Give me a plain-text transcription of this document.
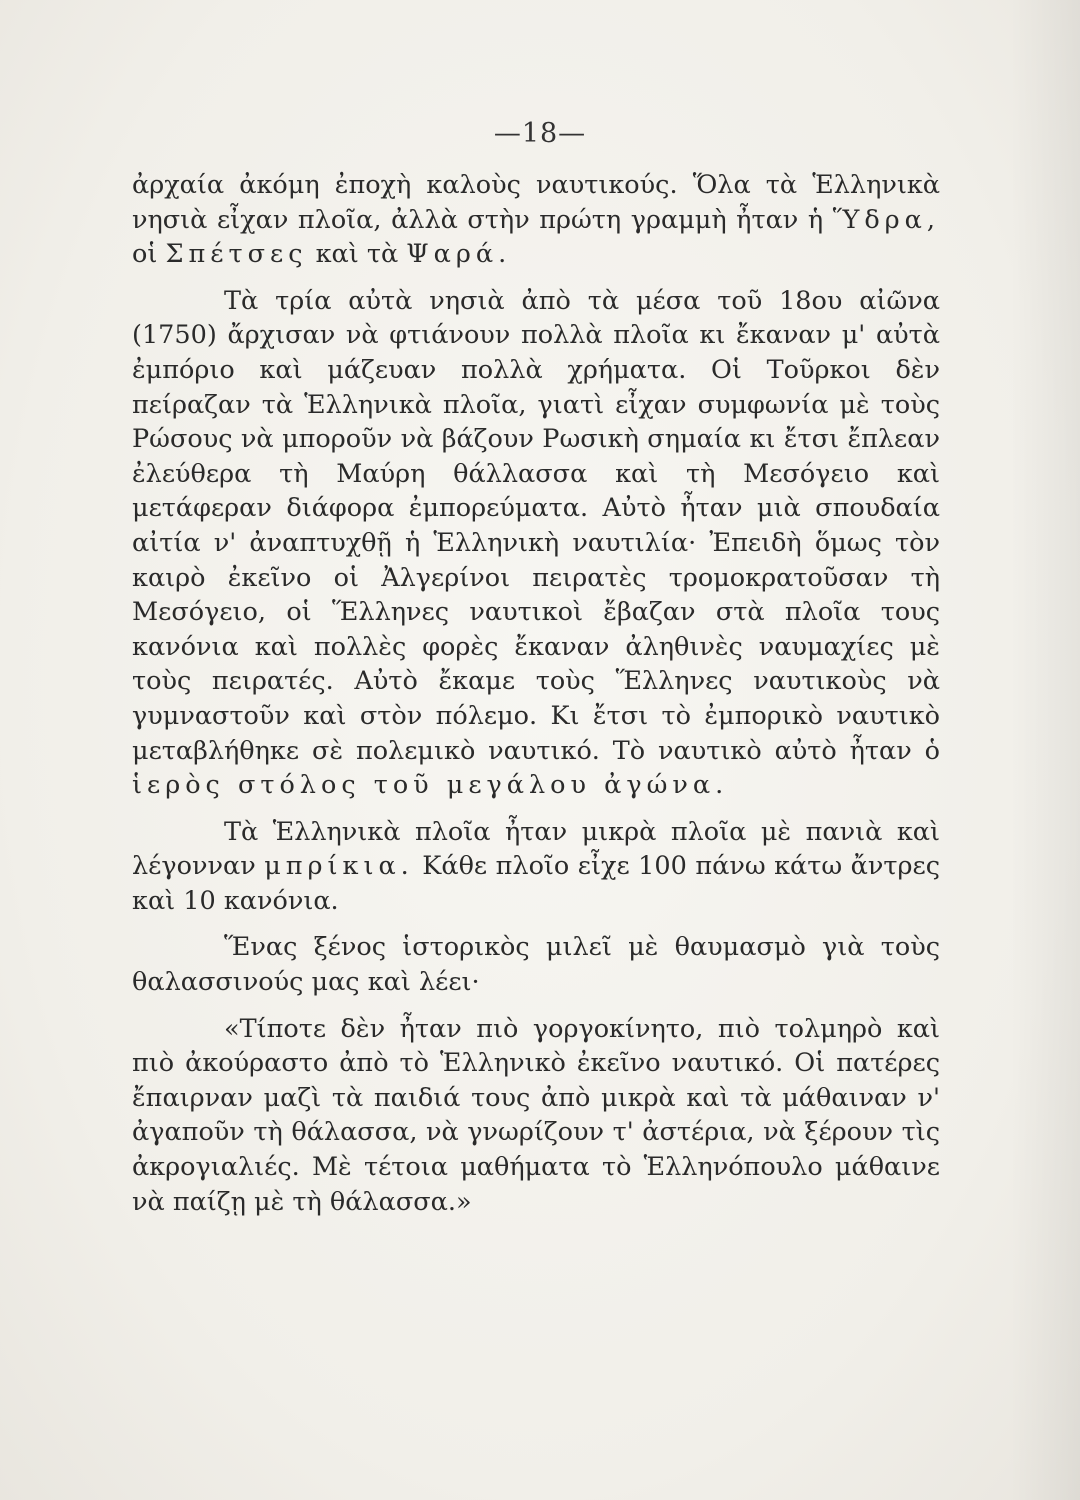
—18—

ἀρχαία ἀκόμη ἐποχὴ καλοὺς ναυτικούς. Ὅλα τὰ Ἑλληνικὰ νησιὰ εἶχαν πλοῖα, ἀλλὰ στὴν πρώτη γραμμὴ ἦταν ἡ Ὕδρα, οἱ Σπέτσες καὶ τὰ Ψαρά.

Τὰ τρία αὐτὰ νησιὰ ἀπὸ τὰ μέσα τοῦ 18ου αἰῶνα (1750) ἄρχισαν νὰ φτιάνουν πολλὰ πλοῖα κι ἔκαναν μ' αὐτὰ ἐμπόριο καὶ μάζευαν πολλὰ χρήματα. Οἱ Τοῦρκοι δὲν πείραζαν τὰ Ἑλληνικὰ πλοῖα, γιατὶ εἶχαν συμφωνία μὲ τοὺς Ρώσους νὰ μποροῦν νὰ βάζουν Ρωσικὴ σημαία κι ἔτσι ἔπλεαν ἐλεύθερα τὴ Μαύρη θάλλασσα καὶ τὴ Μεσόγειο καὶ μετάφεραν διάφορα ἐμπορεύματα. Αὐτὸ ἦταν μιὰ σπουδαία αἰτία ν' ἀναπτυχθῇ ἡ Ἑλληνικὴ ναυτιλία· Ἐπειδὴ ὅμως τὸν καιρὸ ἐκεῖνο οἱ Ἀλγερίνοι πειρατὲς τρομοκρατοῦσαν τὴ Μεσόγειο, οἱ Ἕλληνες ναυτικοὶ ἔβαζαν στὰ πλοῖα τους κανόνια καὶ πολλὲς φορὲς ἔκαναν ἀληθινὲς ναυμαχίες μὲ τοὺς πειρατές. Αὐτὸ ἔκαμε τοὺς Ἕλληνες ναυτικοὺς νὰ γυμναστοῦν καὶ στὸν πόλεμο. Κι ἔτσι τὸ ἐμπορικὸ ναυτικὸ μεταβλήθηκε σὲ πολεμικὸ ναυτικό. Τὸ ναυτικὸ αὐτὸ ἦταν ὁ ἱερὸς στόλος τοῦ μεγάλου ἀγώνα.

Τὰ Ἑλληνικὰ πλοῖα ἦταν μικρὰ πλοῖα μὲ πανιὰ καὶ λέγονναν μπρίκια. Κάθε πλοῖο εἶχε 100 πάνω κάτω ἄντρες καὶ 10 κανόνια.

Ἕνας ξένος ἱστορικὸς μιλεῖ μὲ θαυμασμὸ γιὰ τοὺς θαλασσινούς μας καὶ λέει·

«Τίποτε δὲν ἦταν πιὸ γοργοκίνητο, πιὸ τολμηρὸ καὶ πιὸ ἀκούραστο ἀπὸ τὸ Ἑλληνικὸ ἐκεῖνο ναυτικό. Οἱ πατέρες ἔπαιρναν μαζὶ τὰ παιδιά τους ἀπὸ μικρὰ καὶ τὰ μάθαιναν ν' ἀγαποῦν τὴ θάλασσα, νὰ γνωρίζουν τ' ἀστέρια, νὰ ξέρουν τὶς ἀκρογιαλιές. Μὲ τέτοια μαθήματα τὸ Ἑλληνόπουλο μάθαινε νὰ παίζῃ μὲ τὴ θάλασσα.»
